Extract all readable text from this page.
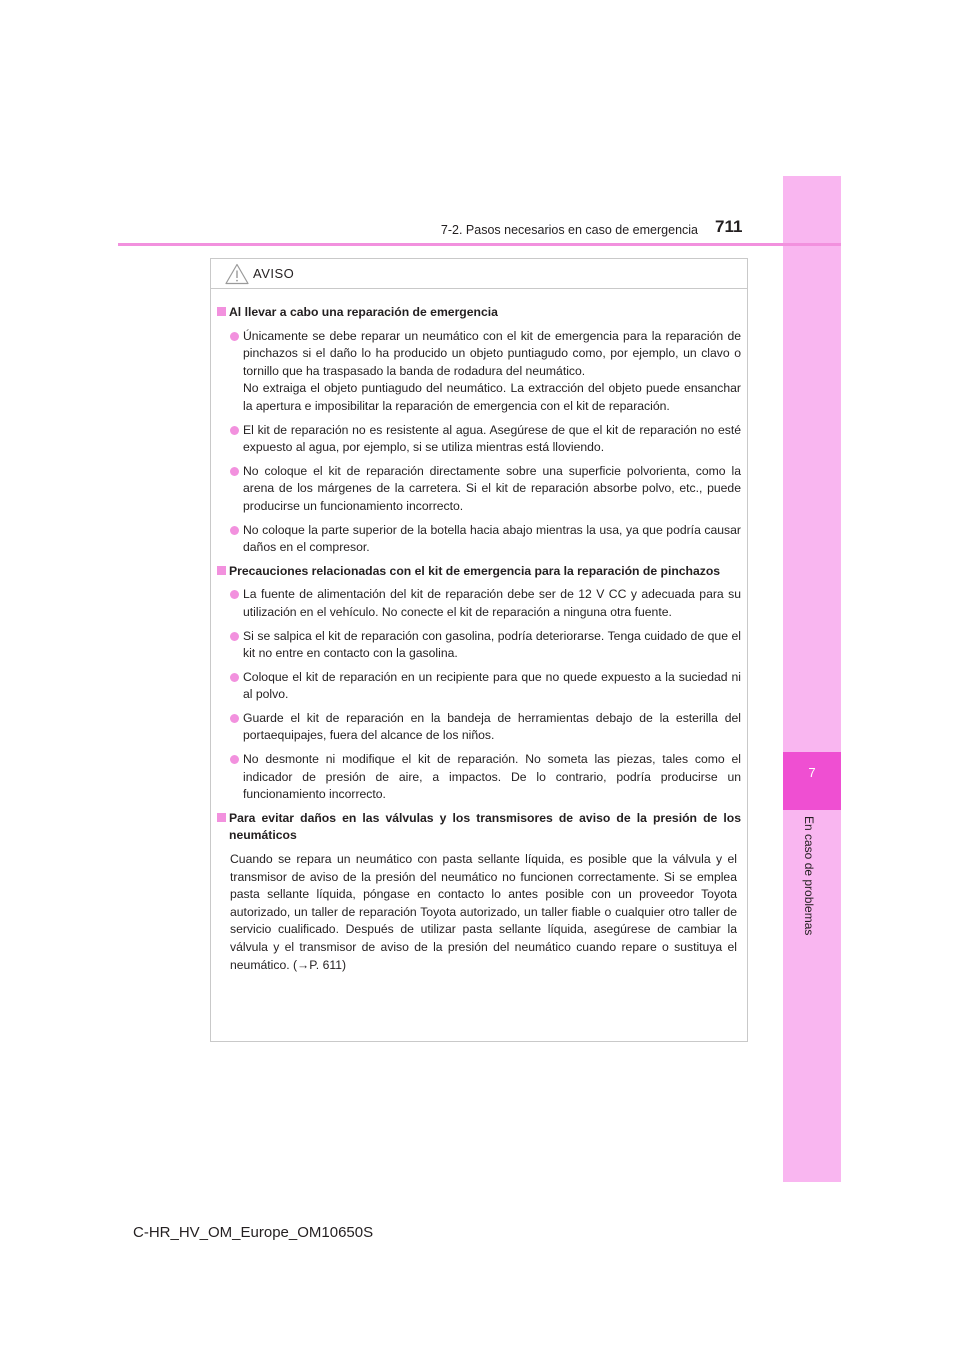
7
En caso de problemas
7-2. Pasos necesarios en caso de emergencia 711
AVISO
Al llevar a cabo una reparación de emergencia

Únicamente se debe reparar un neumático con el kit de emergencia para la reparación de pinchazos si el daño lo ha producido un objeto puntiagudo como, por ejemplo, un clavo o tornillo que ha traspasado la banda de rodadura del neumático.

No extraiga el objeto puntiagudo del neumático. La extracción del objeto puede ensanchar la apertura e imposibilitar la reparación de emergencia con el kit de reparación.

El kit de reparación no es resistente al agua. Asegúrese de que el kit de reparación no esté expuesto al agua, por ejemplo, si se utiliza mientras está lloviendo.

No coloque el kit de reparación directamente sobre una superficie polvorienta, como la arena de los márgenes de la carretera. Si el kit de reparación absorbe polvo, etc., puede producirse un funcionamiento incorrecto.

No coloque la parte superior de la botella hacia abajo mientras la usa, ya que podría causar daños en el compresor.

Precauciones relacionadas con el kit de emergencia para la reparación de pinchazos

La fuente de alimentación del kit de reparación debe ser de 12 V CC y adecuada para su utilización en el vehículo. No conecte el kit de reparación a ninguna otra fuente.

Si se salpica el kit de reparación con gasolina, podría deteriorarse. Tenga cuidado de que el kit no entre en contacto con la gasolina.

Coloque el kit de reparación en un recipiente para que no quede expuesto a la suciedad ni al polvo.

Guarde el kit de reparación en la bandeja de herramientas debajo de la esterilla del portaequipajes, fuera del alcance de los niños.

No desmonte ni modifique el kit de reparación. No someta las piezas, tales como el indicador de presión de aire, a impactos. De lo contrario, podría producirse un funcionamiento incorrecto.

Para evitar daños en las válvulas y los transmisores de aviso de la presión de los neumáticos

Cuando se repara un neumático con pasta sellante líquida, es posible que la válvula y el transmisor de aviso de la presión del neumático no funcionen correctamente. Si se emplea pasta sellante líquida, póngase en contacto lo antes posible con un proveedor Toyota autorizado, un taller de reparación Toyota autorizado, un taller fiable o cualquier otro taller de servicio cualificado. Después de utilizar pasta sellante líquida, asegúrese de cambiar la válvula y el transmisor de aviso de la presión del neumático cuando repare o sustituya el neumático. (→P. 611)

C-HR_HV_OM_Europe_OM10650S
